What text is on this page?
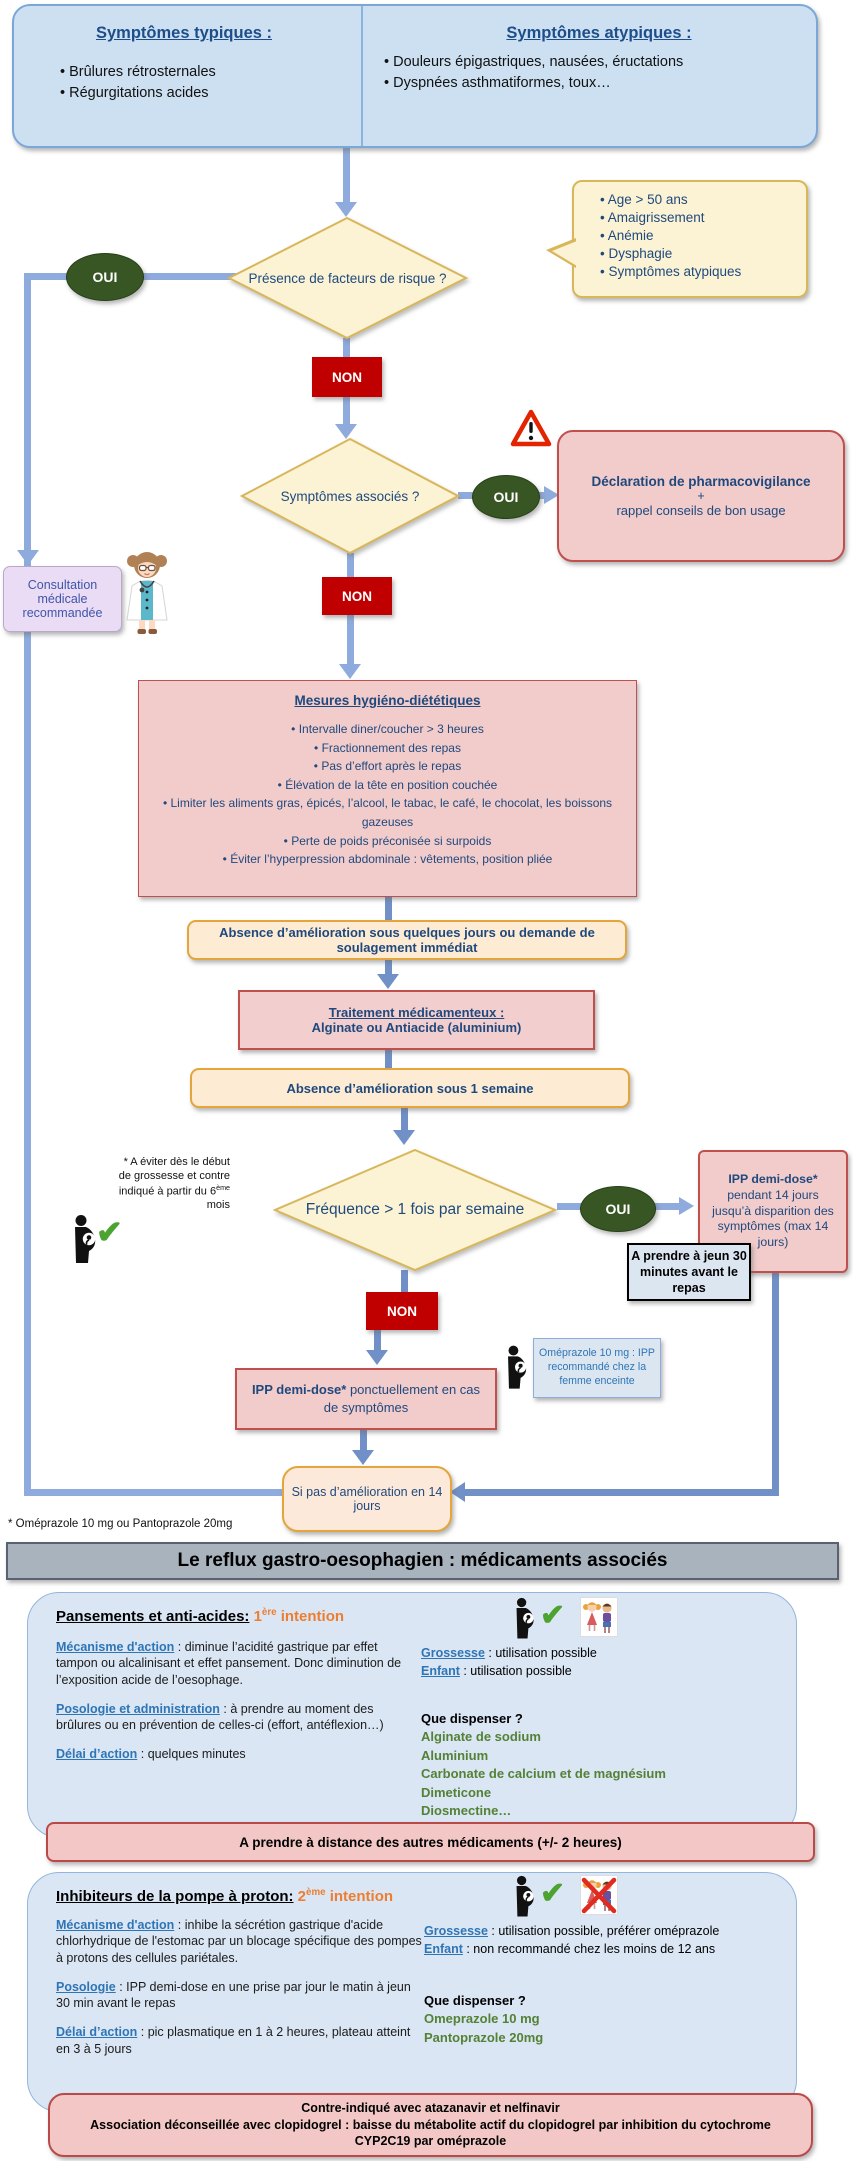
Symptômes typiques :
• Brûlures rétrosternales
• Régurgitations acides
Symptômes atypiques :
• Douleurs épigastriques, nausées, éructations
• Dyspnées asthmatiformes, toux…
• Age > 50 ans
• Amaigrissement
• Anémie
• Dysphagie
• Symptômes atypiques
Présence de facteurs de risque ?
OUI
NON
Symptômes associés ?	OUI
Déclaration de pharmacovigilance
+
rappel conseils de bon usage
Consultation médicale recommandée
NON
Mesures hygiéno-diététiques
• Intervalle diner/coucher > 3 heures
• Fractionnement des repas
• Pas d’effort après le repas
• Élévation de la tête en position couchée
• Limiter les aliments gras, épicés, l’alcool, le tabac, le café, le chocolat, les boissons gazeuses
• Perte de poids préconisée si surpoids
• Éviter l’hyperpression abdominale : vêtements, position pliée
Absence d’amélioration sous quelques jours ou demande de soulagement immédiat
Traitement médicamenteux :
Alginate ou Antiacide (aluminium)
Absence d’amélioration sous 1 semaine
* A éviter dès le début de grossesse et contre indiqué à partir du 6ème mois
✔
Fréquence > 1 fois par semaine	OUI
IPP demi-dose*
pendant 14 jours jusqu’à disparition des symptômes (max 14 jours)
A prendre à jeun 30 minutes avant le repas
NON
Oméprazole 10 mg : IPP recommandé chez la femme enceinte
IPP demi-dose* ponctuellement en cas de symptômes
Si pas d’amélioration en 14 jours
* Oméprazole 10 mg ou Pantoprazole 20mg
Le reflux gastro-oesophagien : médicaments associés
Pansements et anti-acides: 1ère intention
Mécanisme d'action : diminue l’acidité gastrique par effet tampon ou alcalinisant et effet pansement. Donc diminution de l’exposition acide de l’oesophage.
Posologie et administration : à prendre au moment des brûlures ou en prévention de celles-ci (effort, antéflexion…)
Délai d’action : quelques minutes
✔
Grossesse : utilisation possible
Enfant : utilisation possible
Que dispenser ?
Alginate de sodium
Aluminium
Carbonate de calcium et de magnésium
Dimeticone
Diosmectine…
A prendre à distance des autres médicaments (+/- 2 heures)
Inhibiteurs de la pompe à proton: 2ème intention
Mécanisme d'action : inhibe la sécrétion gastrique d'acide chlorhydrique de l'estomac par un blocage spécifique des pompes à protons des cellules pariétales.
Posologie : IPP demi-dose en une prise par jour le matin à jeun 30 min avant le repas
Délai d’action : pic plasmatique en 1 à 2 heures, plateau atteint en 3 à 5 jours
✔
Grossesse : utilisation possible, préférer oméprazole
Enfant : non recommandé chez les moins de 12 ans
Que dispenser ?
Omeprazole 10 mg
Pantoprazole 20mg
Contre-indiqué avec atazanavir et nelfinavir
Association déconseillée avec clopidogrel : baisse du métabolite actif du clopidogrel par inhibition du cytochrome CYP2C19 par oméprazole
